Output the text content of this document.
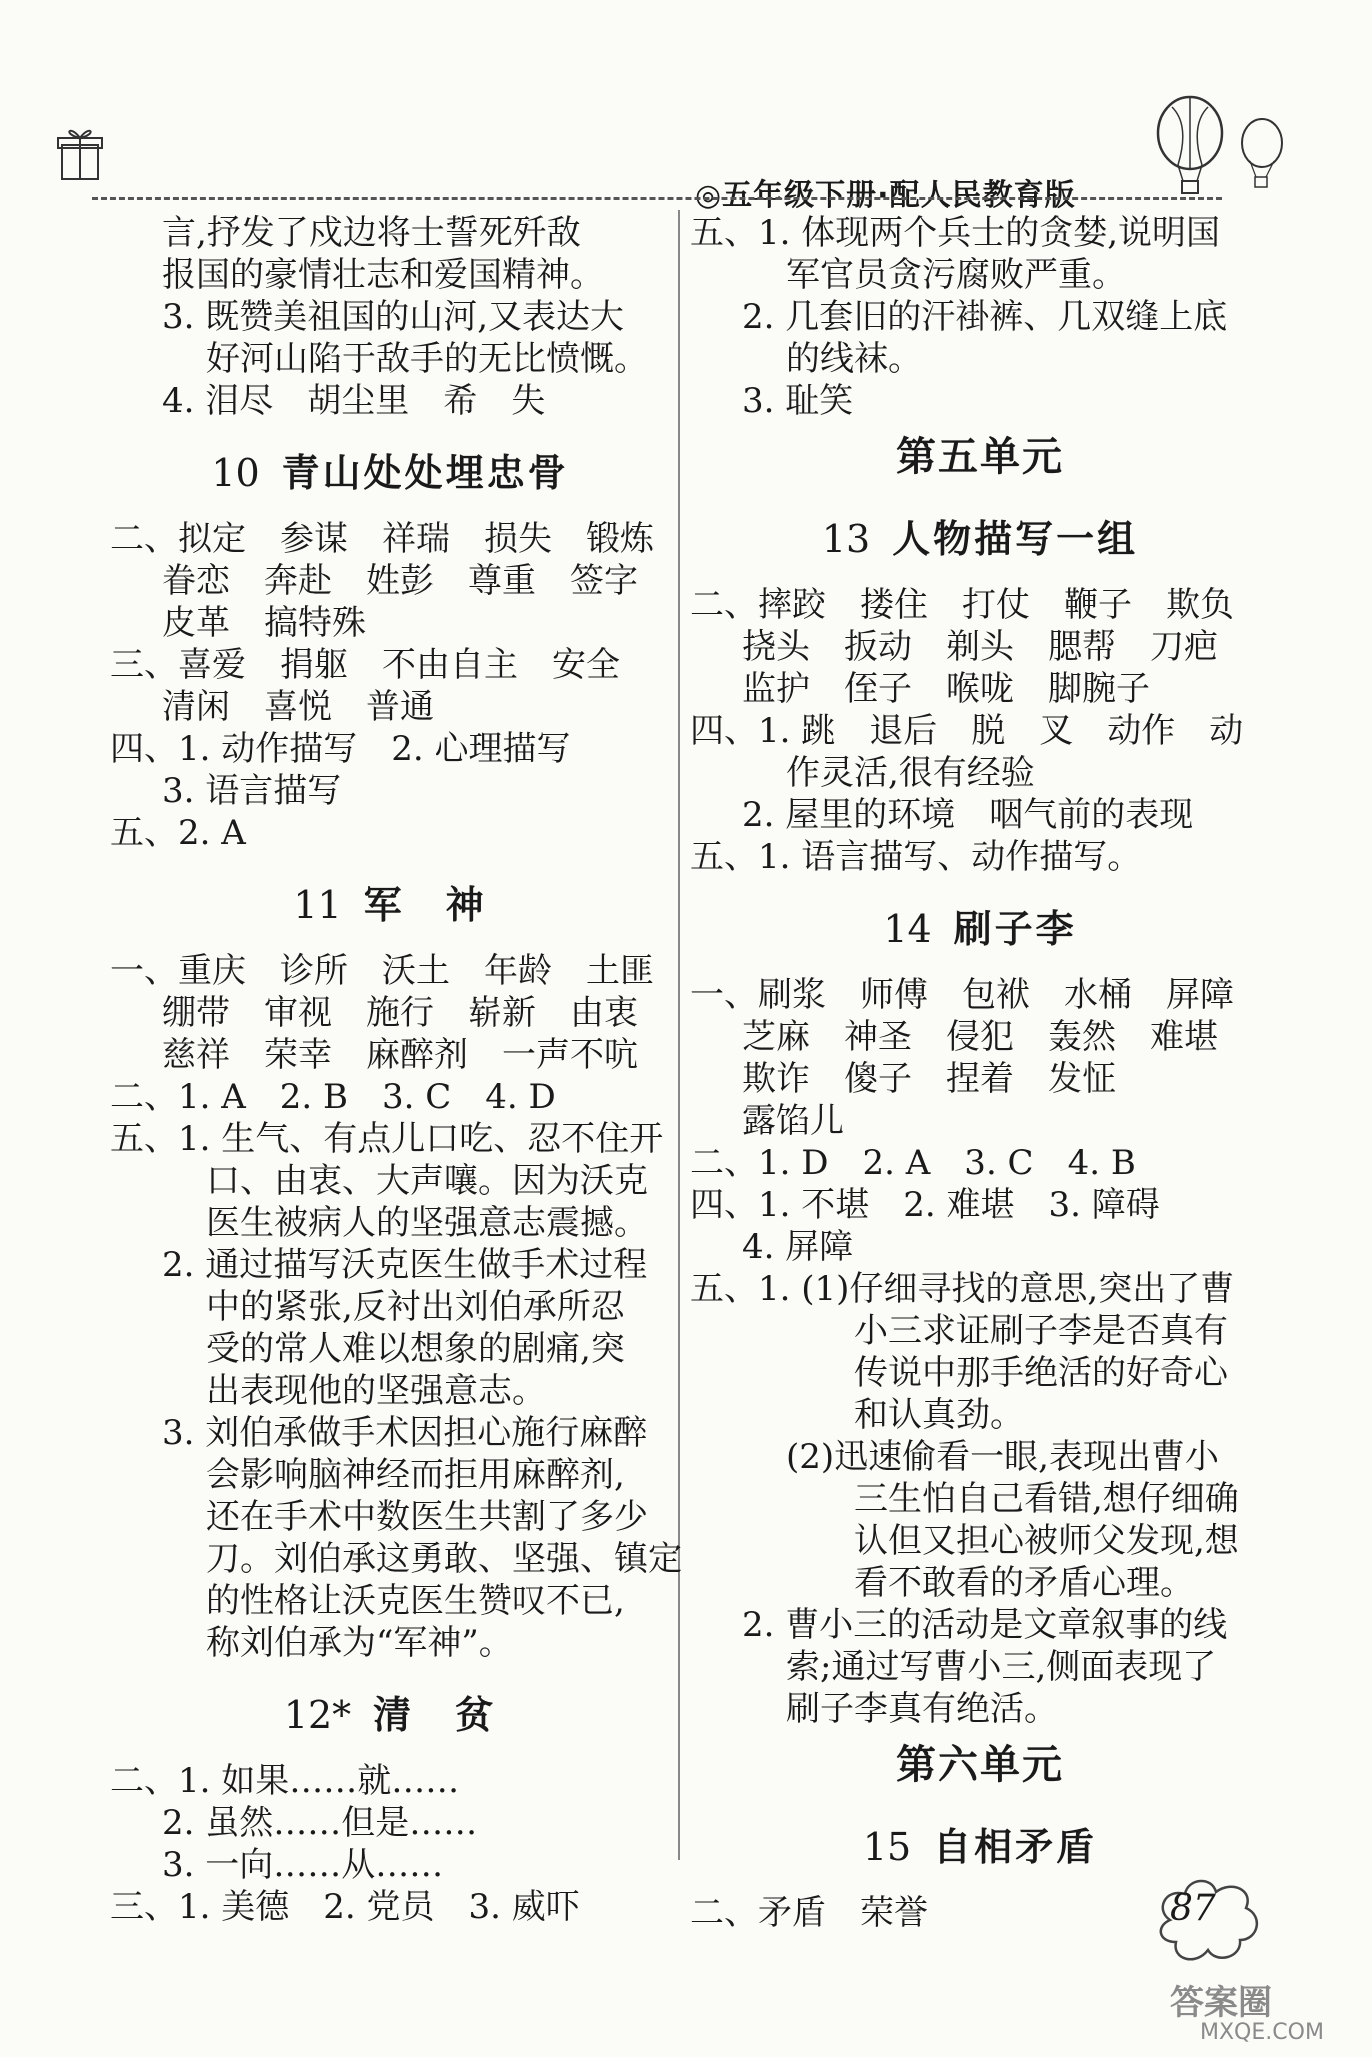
◎五年级下册·配人民教育版
言,抒发了戍边将士誓死歼敌
报国的豪情壮志和爱国精神。
3. 既赞美祖国的山河,又表达大
好河山陷于敌手的无比愤慨。
4. 泪尽　胡尘里　希　失
10 青山处处埋忠骨
二、拟定　参谋　祥瑞　损失　锻炼
眷恋　奔赴　姓彭　尊重　签字
皮革　搞特殊
三、喜爱　捐躯　不由自主　安全
清闲　喜悦　普通
四、1. 动作描写　2. 心理描写
3. 语言描写
五、2. A
11 军　神
一、重庆　诊所　沃土　年龄　土匪
绷带　审视　施行　崭新　由衷
慈祥　荣幸　麻醉剂　一声不吭
二、1. A　2. B　3. C　4. D
五、1. 生气、有点儿口吃、忍不住开
口、由衷、大声嚷。因为沃克
医生被病人的坚强意志震撼。
2. 通过描写沃克医生做手术过程
中的紧张,反衬出刘伯承所忍
受的常人难以想象的剧痛,突
出表现他的坚强意志。
3. 刘伯承做手术因担心施行麻醉
会影响脑神经而拒用麻醉剂,
还在手术中数医生共割了多少
刀。刘伯承这勇敢、坚强、镇定
的性格让沃克医生赞叹不已,
称刘伯承为“军神”。
12* 清　贫
二、1. 如果……就……
2. 虽然……但是……
3. 一向……从……
三、1. 美德　2. 党员　3. 威吓
五、1. 体现两个兵士的贪婪,说明国
军官员贪污腐败严重。
2. 几套旧的汗褂裤、几双缝上底
的线袜。
3. 耻笑
第五单元
13 人物描写一组
二、摔跤　搂住　打仗　鞭子　欺负
挠头　扳动　剃头　腮帮　刀疤
监护　侄子　喉咙　脚腕子
四、1. 跳　退后　脱　叉　动作　动
作灵活,很有经验
2. 屋里的环境　咽气前的表现
五、1. 语言描写、动作描写。
14 刷子李
一、刷浆　师傅　包袱　水桶　屏障
芝麻　神圣　侵犯　轰然　难堪
欺诈　傻子　捏着　发怔
露馅儿
二、1. D　2. A　3. C　4. B
四、1. 不堪　2. 难堪　3. 障碍
4. 屏障
五、1. (1)仔细寻找的意思,突出了曹
　　小三求证刷子李是否真有
　　传说中那手绝活的好奇心
　　和认真劲。
(2)迅速偷看一眼,表现出曹小
　　三生怕自己看错,想仔细确
　　认但又担心被师父发现,想
　　看不敢看的矛盾心理。
2. 曹小三的活动是文章叙事的线
索;通过写曹小三,侧面表现了
刷子李真有绝活。
第六单元
15 自相矛盾
二、矛盾　荣誉	87
答案圈
MXQE.COM
